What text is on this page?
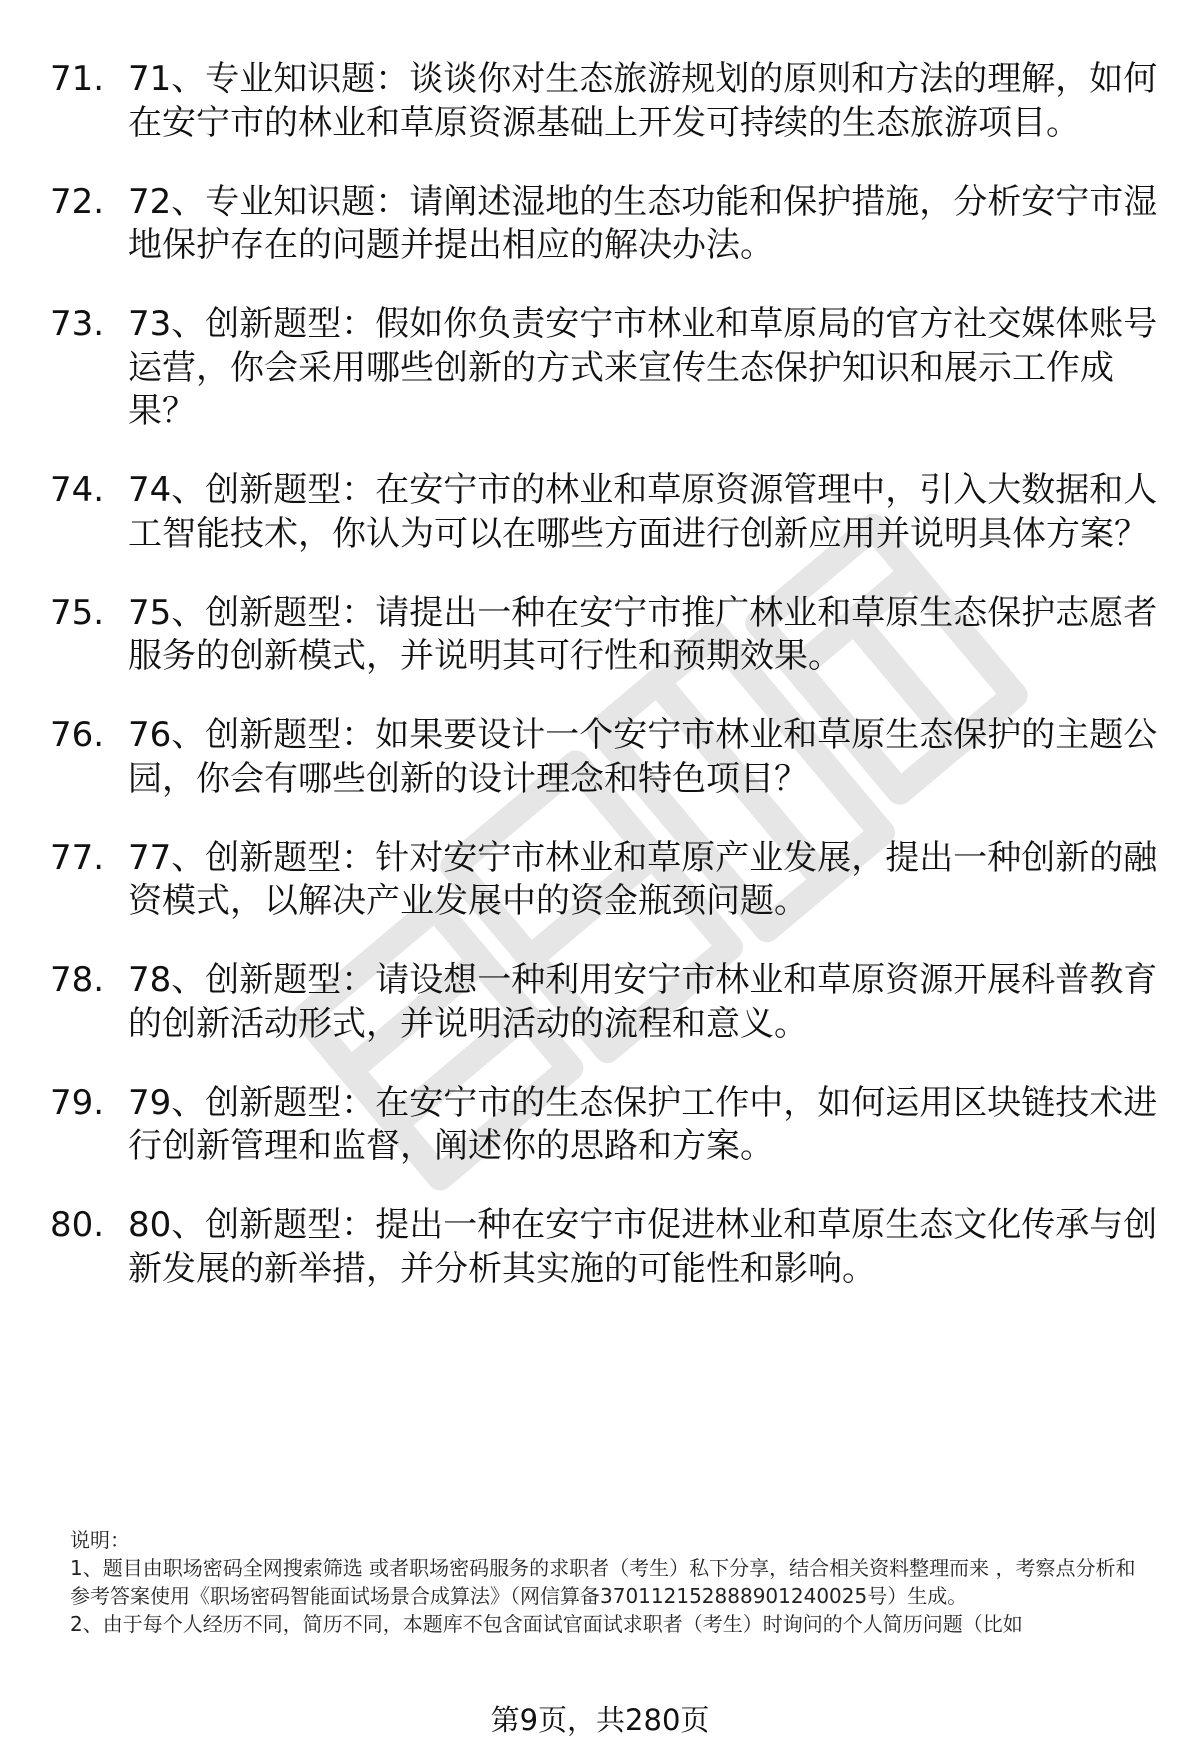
71. 71、专业知识题：谈谈你对生态旅游规划的原则和方法的理解，如何在安宁市的林业和草原资源基础上开发可持续的生态旅游项目。
72. 72、专业知识题：请阐述湿地的生态功能和保护措施，分析安宁市湿地保护存在的问题并提出相应的解决办法。
73. 73、创新题型：假如你负责安宁市林业和草原局的官方社交媒体账号运营，你会采用哪些创新的方式来宣传生态保护知识和展示工作成果？
74. 74、创新题型：在安宁市的林业和草原资源管理中，引入大数据和人工智能技术，你认为可以在哪些方面进行创新应用并说明具体方案？
75. 75、创新题型：请提出一种在安宁市推广林业和草原生态保护志愿者服务的创新模式，并说明其可行性和预期效果。
76. 76、创新题型：如果要设计一个安宁市林业和草原生态保护的主题公园，你会有哪些创新的设计理念和特色项目？
77. 77、创新题型：针对安宁市林业和草原产业发展，提出一种创新的融资模式，以解决产业发展中的资金瓶颈问题。
78. 78、创新题型：请设想一种利用安宁市林业和草原资源开展科普教育的创新活动形式，并说明活动的流程和意义。
79. 79、创新题型：在安宁市的生态保护工作中，如何运用区块链技术进行创新管理和监督，阐述你的思路和方案。
80. 80、创新题型：提出一种在安宁市促进林业和草原生态文化传承与创新发展的新举措，并分析其实施的可能性和影响。

说明：

1、题目由职场密码全网搜索筛选 或者职场密码服务的求职者（考生）私下分享，结合相关资料整理而来 ，考察点分析和参考答案使用《职场密码智能面试场景合成算法》（网信算备370112152888901240025号）生成。

2、由于每个人经历不同，简历不同，本题库不包含面试官面试求职者（考生）时询问的个人简历问题（比如

第9页，共280页
